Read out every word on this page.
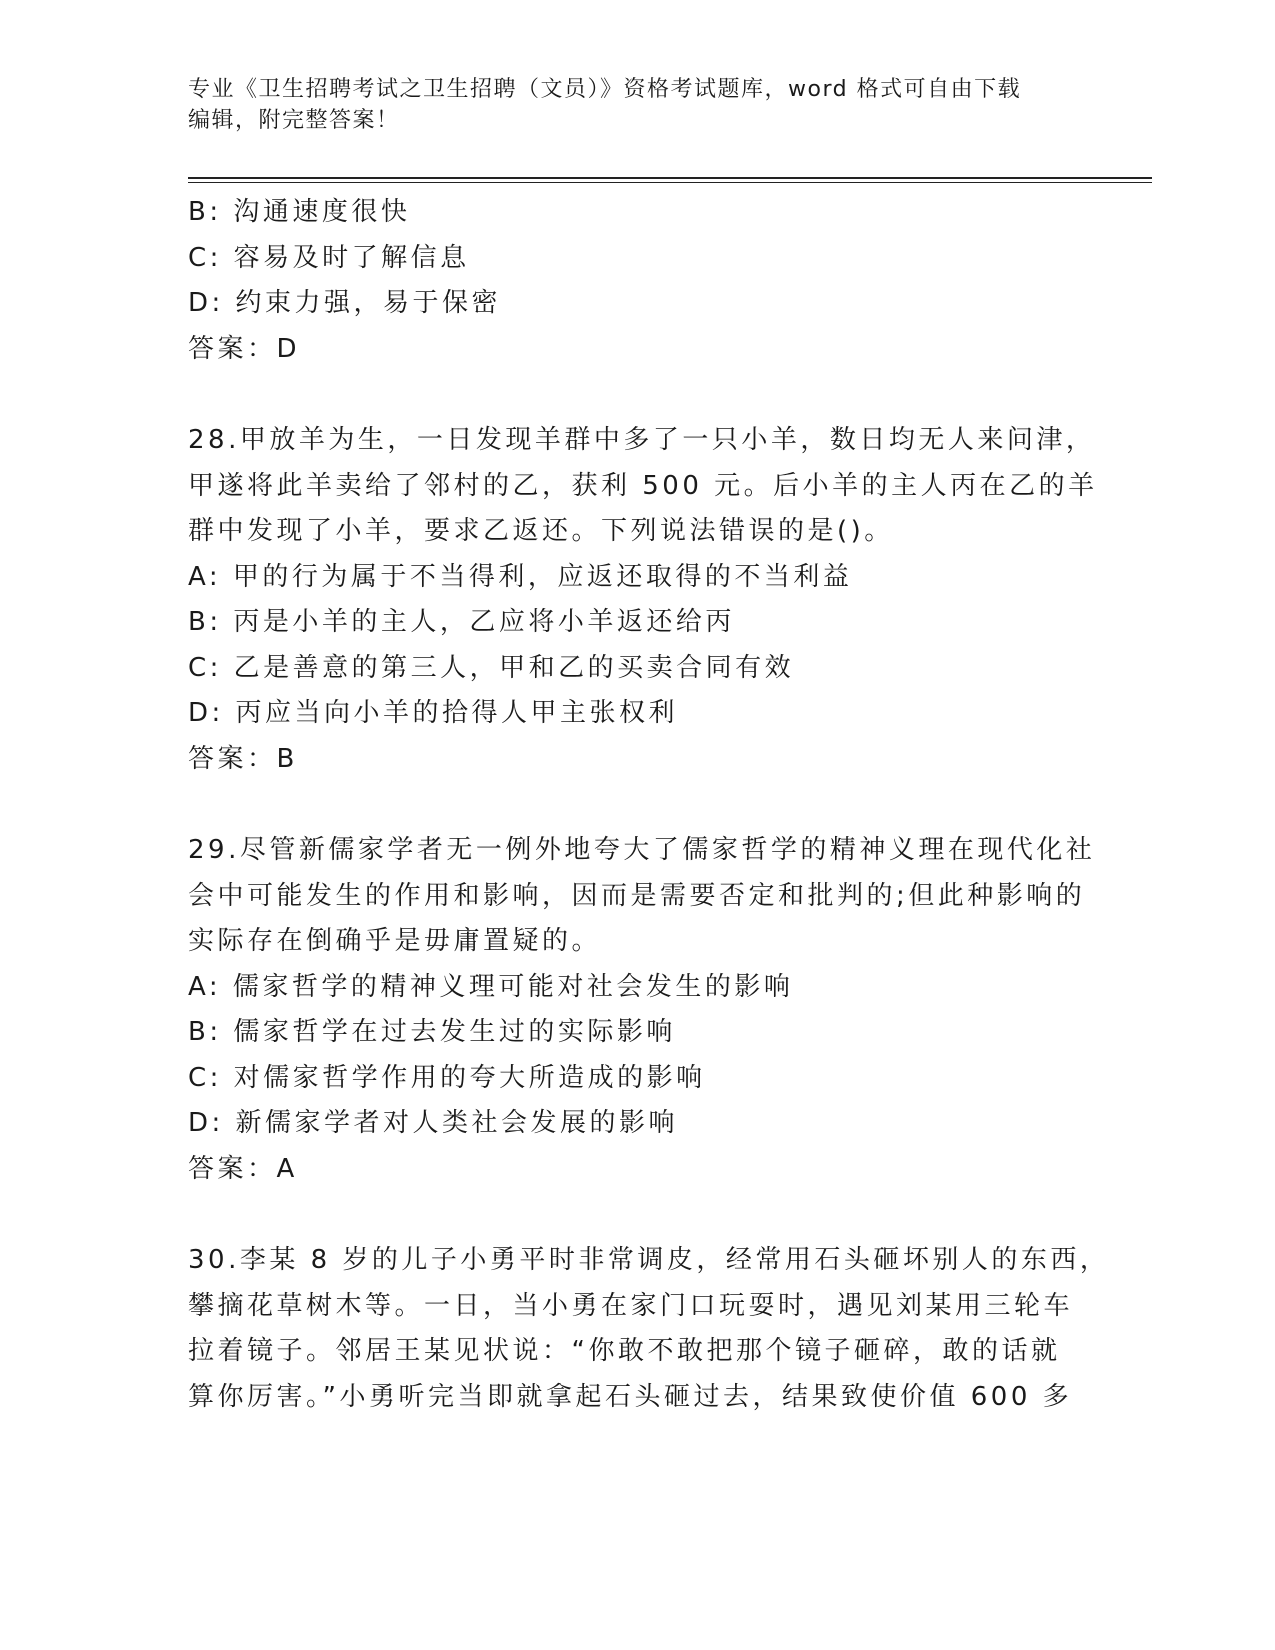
专业《卫生招聘考试之卫生招聘（文员）》资格考试题库，word 格式可自由下载
编辑，附完整答案！
B: 沟通速度很快
C: 容易及时了解信息
D: 约束力强，易于保密
答案：D
28.甲放羊为生，一日发现羊群中多了一只小羊，数日均无人来问津，
甲遂将此羊卖给了邻村的乙，获利 500 元。后小羊的主人丙在乙的羊
群中发现了小羊，要求乙返还。下列说法错误的是()。
A: 甲的行为属于不当得利，应返还取得的不当利益
B: 丙是小羊的主人，乙应将小羊返还给丙
C: 乙是善意的第三人，甲和乙的买卖合同有效
D: 丙应当向小羊的拾得人甲主张权利
答案：B
29.尽管新儒家学者无一例外地夸大了儒家哲学的精神义理在现代化社
会中可能发生的作用和影响，因而是需要否定和批判的;但此种影响的
实际存在倒确乎是毋庸置疑的。
A: 儒家哲学的精神义理可能对社会发生的影响
B: 儒家哲学在过去发生过的实际影响
C: 对儒家哲学作用的夸大所造成的影响
D: 新儒家学者对人类社会发展的影响
答案：A
30.李某 8 岁的儿子小勇平时非常调皮，经常用石头砸坏别人的东西，
攀摘花草树木等。一日，当小勇在家门口玩耍时，遇见刘某用三轮车
拉着镜子。邻居王某见状说：“你敢不敢把那个镜子砸碎，敢的话就
算你厉害。”小勇听完当即就拿起石头砸过去，结果致使价值 600 多
